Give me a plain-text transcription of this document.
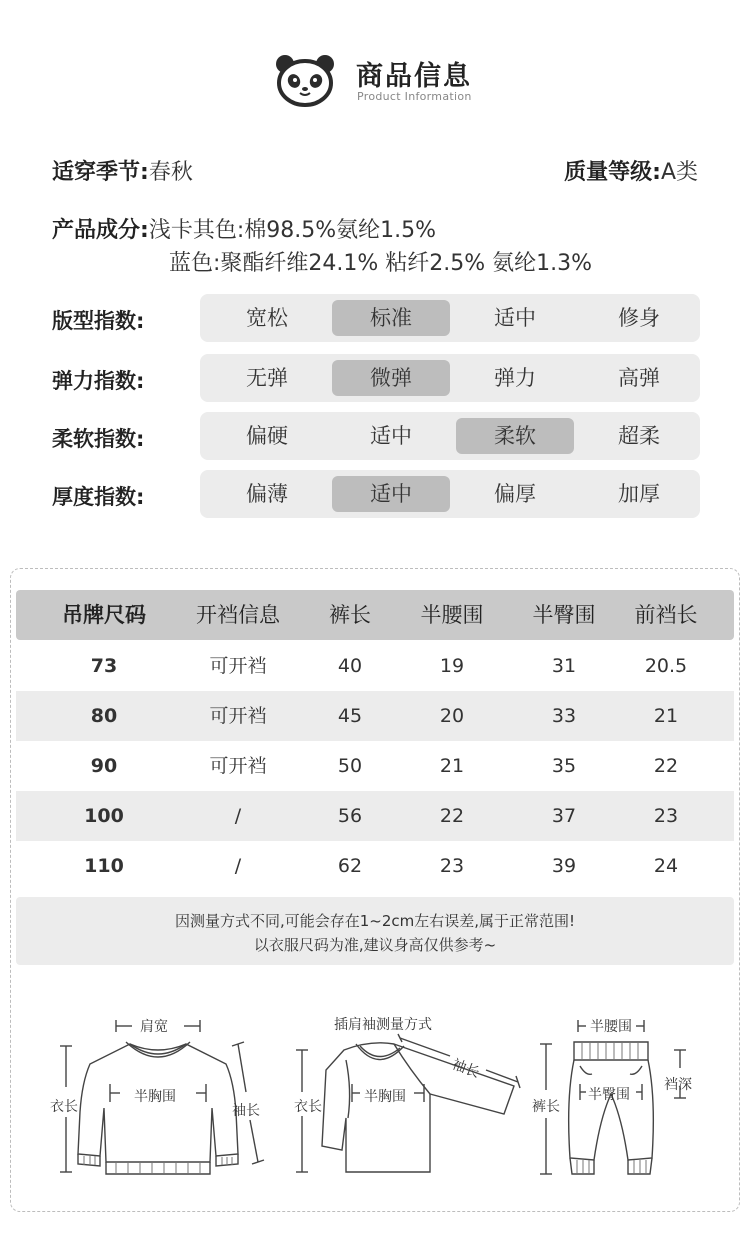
商品信息
Product Information
适穿季节:春秋	质量等级:A类
产品成分:浅卡其色:棉98.5%氨纶1.5%
蓝色:聚酯纤维24.1% 粘纤2.5% 氨纶1.3%
版型指数:	宽松	标准	适中	修身
弹力指数:	无弹	微弹	弹力	高弹
柔软指数:	偏硬	适中	柔软	超柔
厚度指数:	偏薄	适中	偏厚	加厚
吊牌尺码	开裆信息	裤长	半腰围	半臀围	前裆长
73	可开裆	40	19	31	20.5
80	可开裆	45	20	33	21
90	可开裆	50	21	35	22
100	/	56	22	37	23
110	/	62	23	39	24
因测量方式不同,可能会存在1~2cm左右误差,属于正常范围!
以衣服尺码为准,建议身高仅供参考~
肩宽
衣长
半胸围
袖长
插肩袖测量方式
衣长
半胸围
袖长
半腰围
裤长
半臀围
裆深
